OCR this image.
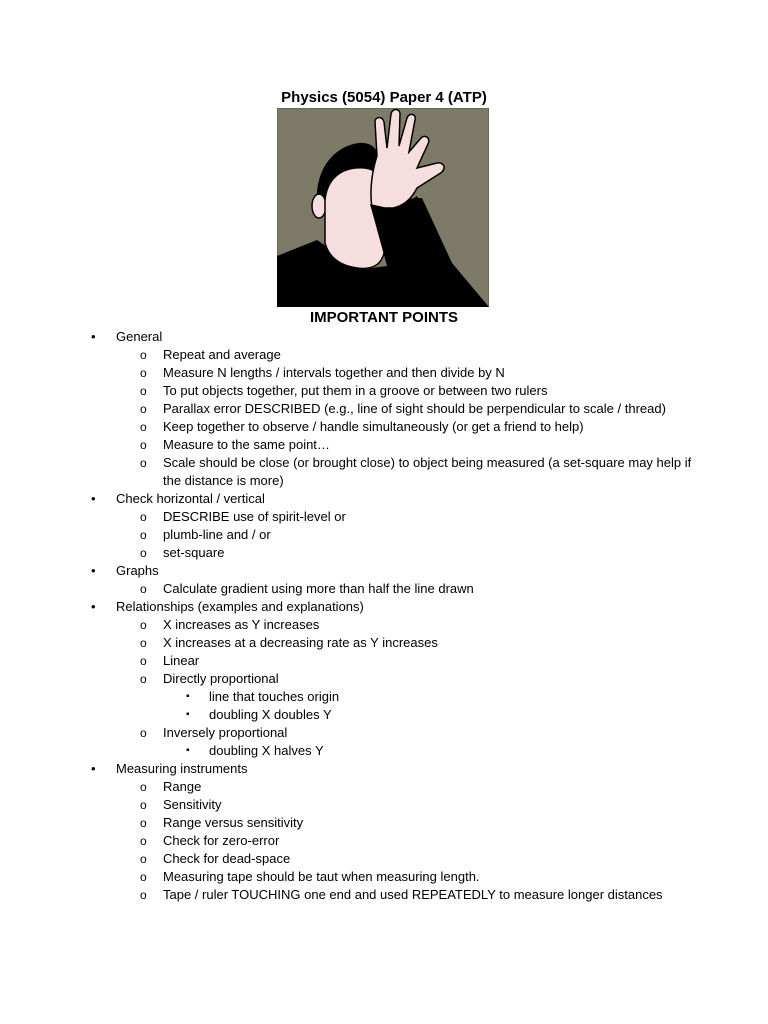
Physics (5054) Paper 4 (ATP)
IMPORTANT POINTS
•	General
o	Repeat and average
o	Measure N lengths / intervals together and then divide by N
o	To put objects together, put them in a groove or between two rulers
o	Parallax error DESCRIBED (e.g., line of sight should be perpendicular to scale / thread)
o	Keep together to observe / handle simultaneously (or get a friend to help)
o	Measure to the same point…
o	Scale should be close (or brought close) to object being measured (a set-square may help if the distance is more)
•	Check horizontal / vertical
o	DESCRIBE use of spirit-level or
o	plumb-line and / or
o	set-square
•	Graphs
o	Calculate gradient using more than half the line drawn
•	Relationships (examples and explanations)
o	X increases as Y increases
o	X increases at a decreasing rate as Y increases
o	Linear
o	Directly proportional
▪	line that touches origin
▪	doubling X doubles Y
o	Inversely proportional
▪	doubling X halves Y
•	Measuring instruments
o	Range
o	Sensitivity
o	Range versus sensitivity
o	Check for zero-error
o	Check for dead-space
o	Measuring tape should be taut when measuring length.
o	Tape / ruler TOUCHING one end and used REPEATEDLY to measure longer distances
